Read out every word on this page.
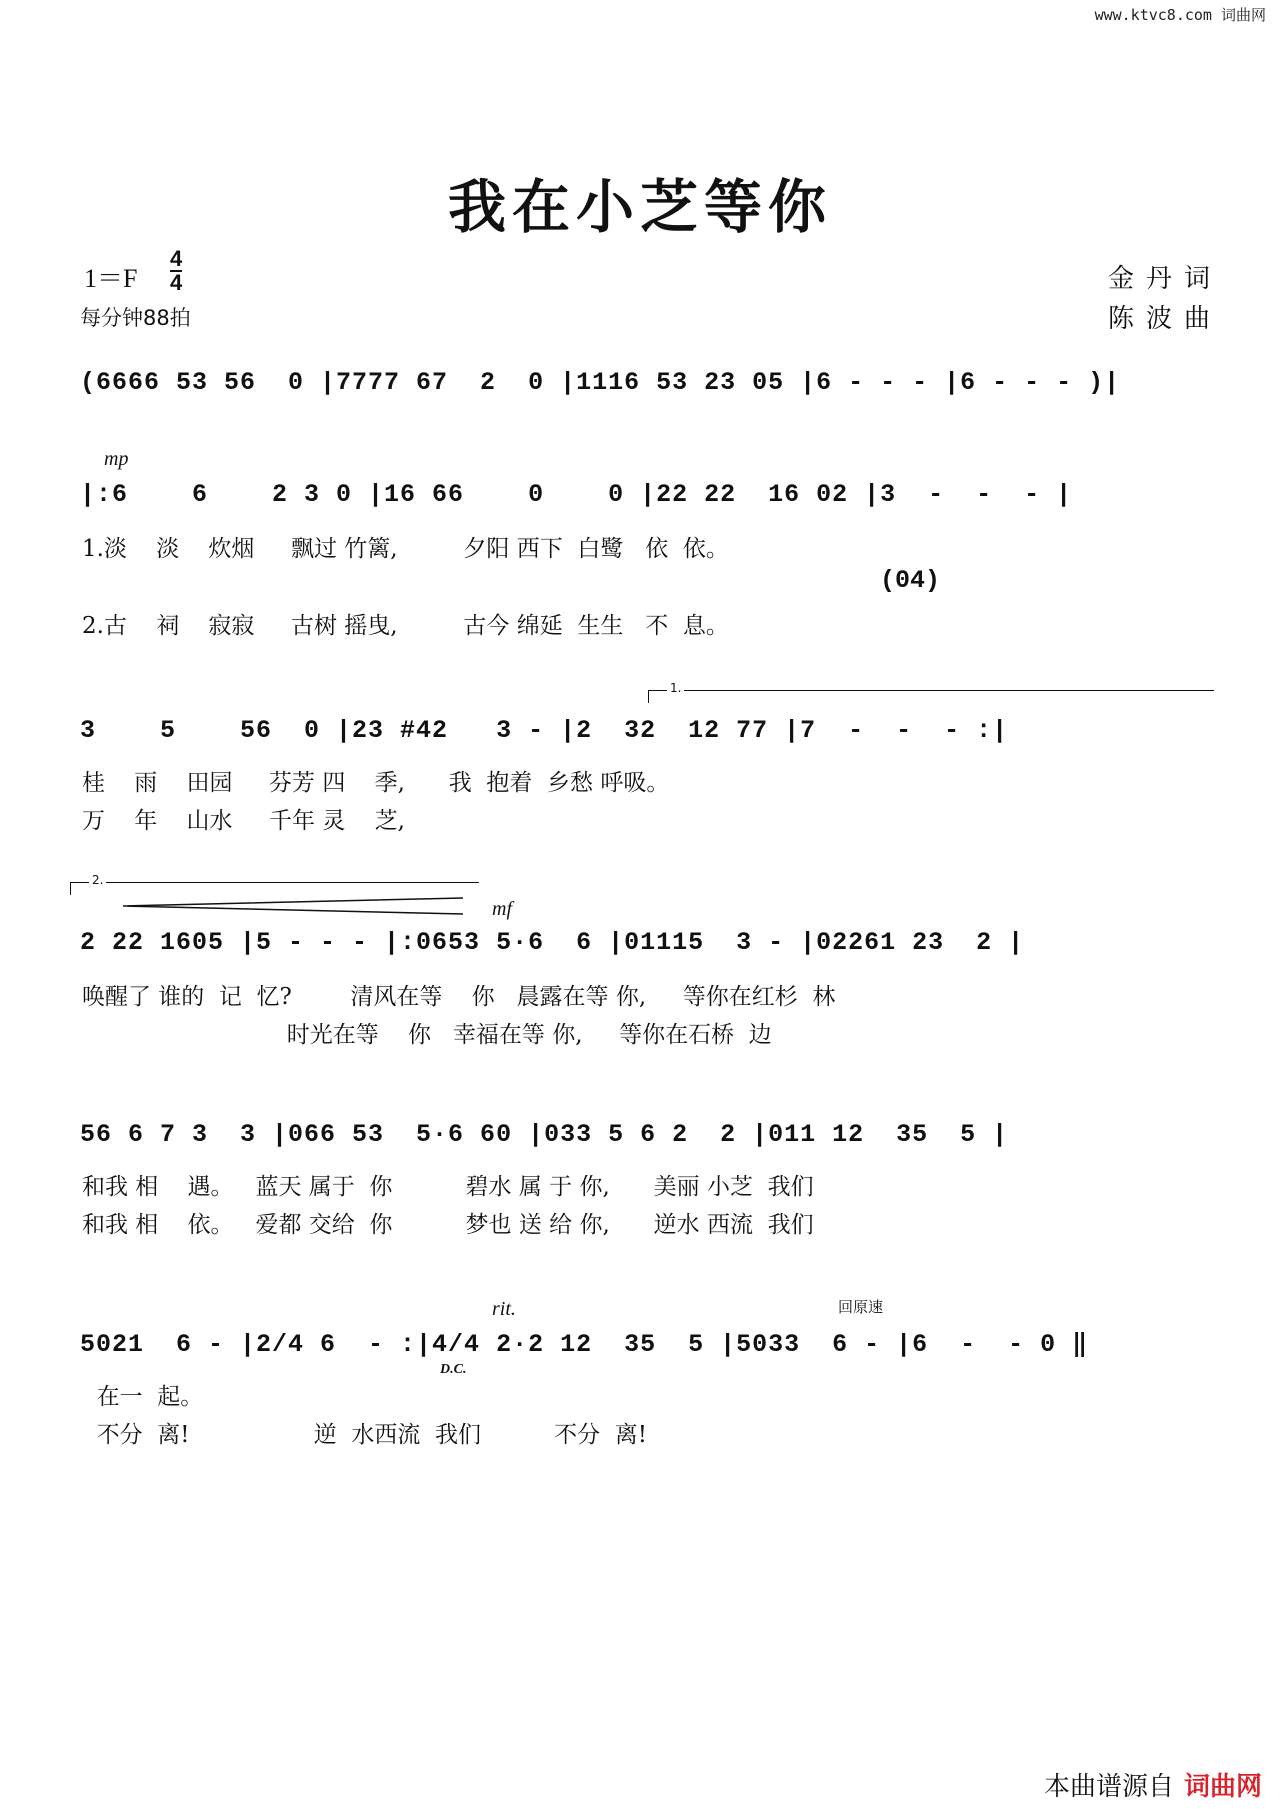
www.ktvc8.com 词曲网
我在小芝等你
1＝F
4
4
每分钟88拍
金丹词
陈波曲
(6666 53 56  0 |7777 67  2  0 |1116 53 23 05 |6 - - - |6 - - - )|
mp
|:6    6    2 3 0 |16 66    0    0 |22 22  16 02 |3  -  -  - |
1.淡    淡    炊烟     飘过 竹篱,         夕阳 西下  白鹭   依  依。
(04)
2.古    祠    寂寂     古树 摇曳,         古今 绵延  生生   不  息。
1.
3    5    56  0 |23 #42   3 - |2  32  12 77 |7  -  -  - :|
桂    雨    田园     芬芳 四    季,      我  抱着  乡愁 呼吸。
万    年    山水     千年 灵    芝,
2.
mf
2 22 1605 |5 - - - |:0653 5·6  6 |01115  3 - |02261 23  2 |
唤醒了 谁的  记  忆?        清风在等    你   晨露在等 你,     等你在红杉  林
时光在等    你   幸福在等 你,     等你在石桥  边
56 6 7 3  3 |066 53  5·6 60 |033 5 6 2  2 |011 12  35  5 |
和我 相    遇。   蓝天 属于  你          碧水 属 于 你,      美丽 小芝  我们
和我 相    依。   爱都 交给  你          梦也 送 给 你,      逆水 西流  我们
rit.	回原速
5021  6 - |2/4 6  - :|4/4 2·2 12  35  5 |5033  6 - |6  -  - 0 ‖
D.C.
在一  起。
不分  离!                 逆  水西流  我们          不分  离!
本曲谱源自 词曲网
